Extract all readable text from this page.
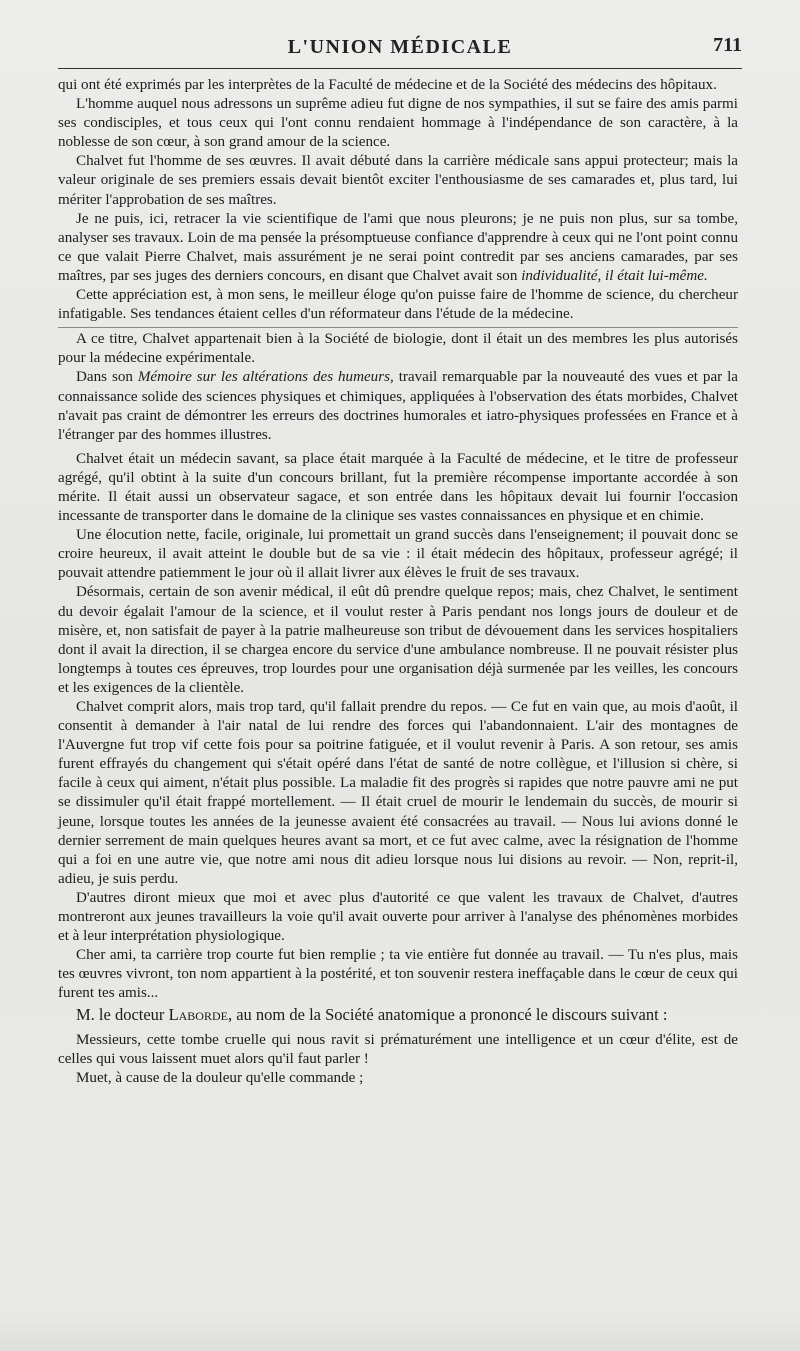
L'UNION MÉDICALE	711

qui ont été exprimés par les interprètes de la Faculté de médecine et de la Société des médecins des hôpitaux.

L'homme auquel nous adressons un suprême adieu fut digne de nos sympathies, il sut se faire des amis parmi ses condisciples, et tous ceux qui l'ont connu rendaient hommage à l'indépendance de son caractère, à la noblesse de son cœur, à son grand amour de la science.

Chalvet fut l'homme de ses œuvres. Il avait débuté dans la carrière médicale sans appui protecteur; mais la valeur originale de ses premiers essais devait bientôt exciter l'enthousiasme de ses camarades et, plus tard, lui mériter l'approbation de ses maîtres.

Je ne puis, ici, retracer la vie scientifique de l'ami que nous pleurons; je ne puis non plus, sur sa tombe, analyser ses travaux. Loin de ma pensée la présomptueuse confiance d'apprendre à ceux qui ne l'ont point connu ce que valait Pierre Chalvet, mais assurément je ne serai point contredit par ses anciens camarades, par ses maîtres, par ses juges des derniers concours, en disant que Chalvet avait son individualité, il était lui-même.

Cette appréciation est, à mon sens, le meilleur éloge qu'on puisse faire de l'homme de science, du chercheur infatigable. Ses tendances étaient celles d'un réformateur dans l'étude de la médecine.

A ce titre, Chalvet appartenait bien à la Société de biologie, dont il était un des membres les plus autorisés pour la médecine expérimentale.

Dans son Mémoire sur les altérations des humeurs, travail remarquable par la nouveauté des vues et par la connaissance solide des sciences physiques et chimiques, appliquées à l'observation des états morbides, Chalvet n'avait pas craint de démontrer les erreurs des doctrines humorales et iatro-physiques professées en France et à l'étranger par des hommes illustres.

Chalvet était un médecin savant, sa place était marquée à la Faculté de médecine, et le titre de professeur agrégé, qu'il obtint à la suite d'un concours brillant, fut la première récompense importante accordée à son mérite. Il était aussi un observateur sagace, et son entrée dans les hôpitaux devait lui fournir l'occasion incessante de transporter dans le domaine de la clinique ses vastes connaissances en physique et en chimie.

Une élocution nette, facile, originale, lui promettait un grand succès dans l'enseignement; il pouvait donc se croire heureux, il avait atteint le double but de sa vie : il était médecin des hôpitaux, professeur agrégé; il pouvait attendre patiemment le jour où il allait livrer aux élèves le fruit de ses travaux.

Désormais, certain de son avenir médical, il eût dû prendre quelque repos; mais, chez Chalvet, le sentiment du devoir égalait l'amour de la science, et il voulut rester à Paris pendant nos longs jours de douleur et de misère, et, non satisfait de payer à la patrie malheureuse son tribut de dévouement dans les services hospitaliers dont il avait la direction, il se chargea encore du service d'une ambulance nombreuse. Il ne pouvait résister plus longtemps à toutes ces épreuves, trop lourdes pour une organisation déjà surmenée par les veilles, les concours et les exigences de la clientèle.

Chalvet comprit alors, mais trop tard, qu'il fallait prendre du repos. — Ce fut en vain que, au mois d'août, il consentit à demander à l'air natal de lui rendre des forces qui l'abandonnaient. L'air des montagnes de l'Auvergne fut trop vif cette fois pour sa poitrine fatiguée, et il voulut revenir à Paris. A son retour, ses amis furent effrayés du changement qui s'était opéré dans l'état de santé de notre collègue, et l'illusion si chère, si facile à ceux qui aiment, n'était plus possible. La maladie fit des progrès si rapides que notre pauvre ami ne put se dissimuler qu'il était frappé mortellement. — Il était cruel de mourir le lendemain du succès, de mourir si jeune, lorsque toutes les années de la jeunesse avaient été consacrées au travail. — Nous lui avions donné le dernier serrement de main quelques heures avant sa mort, et ce fut avec calme, avec la résignation de l'homme qui a foi en une autre vie, que notre ami nous dit adieu lorsque nous lui disions au revoir. — Non, reprit-il, adieu, je suis perdu.

D'autres diront mieux que moi et avec plus d'autorité ce que valent les travaux de Chalvet, d'autres montreront aux jeunes travailleurs la voie qu'il avait ouverte pour arriver à l'analyse des phénomènes morbides et à leur interprétation physiologique.

Cher ami, ta carrière trop courte fut bien remplie ; ta vie entière fut donnée au travail. — Tu n'es plus, mais tes œuvres vivront, ton nom appartient à la postérité, et ton souvenir restera ineffaçable dans le cœur de ceux qui furent tes amis...

M. le docteur Laborde, au nom de la Société anatomique a prononcé le discours suivant :

Messieurs, cette tombe cruelle qui nous ravit si prématurément une intelligence et un cœur d'élite, est de celles qui vous laissent muet alors qu'il faut parler !

Muet, à cause de la douleur qu'elle commande ;
